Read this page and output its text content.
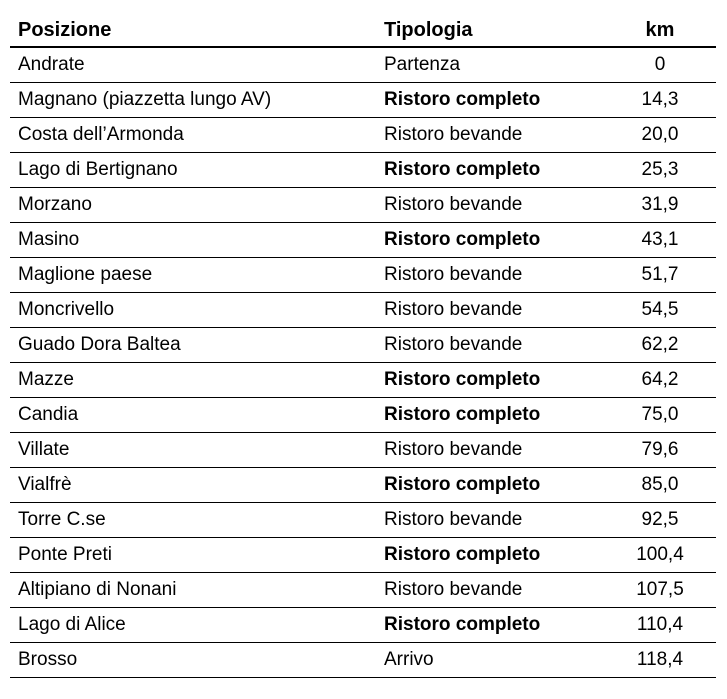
Posizione	Tipologia	km
Andrate	Partenza	0
Magnano (piazzetta lungo AV)	Ristoro completo	14,3
Costa dell’Armonda	Ristoro bevande	20,0
Lago di Bertignano	Ristoro completo	25,3
Morzano	Ristoro bevande	31,9
Masino	Ristoro completo	43,1
Maglione paese	Ristoro bevande	51,7
Moncrivello	Ristoro bevande	54,5
Guado Dora Baltea	Ristoro bevande	62,2
Mazze	Ristoro completo	64,2
Candia	Ristoro completo	75,0
Villate	Ristoro bevande	79,6
Vialfrè	Ristoro completo	85,0
Torre C.se	Ristoro bevande	92,5
Ponte Preti	Ristoro completo	100,4
Altipiano di Nonani	Ristoro bevande	107,5
Lago di Alice	Ristoro completo	110,4
Brosso	Arrivo	118,4
